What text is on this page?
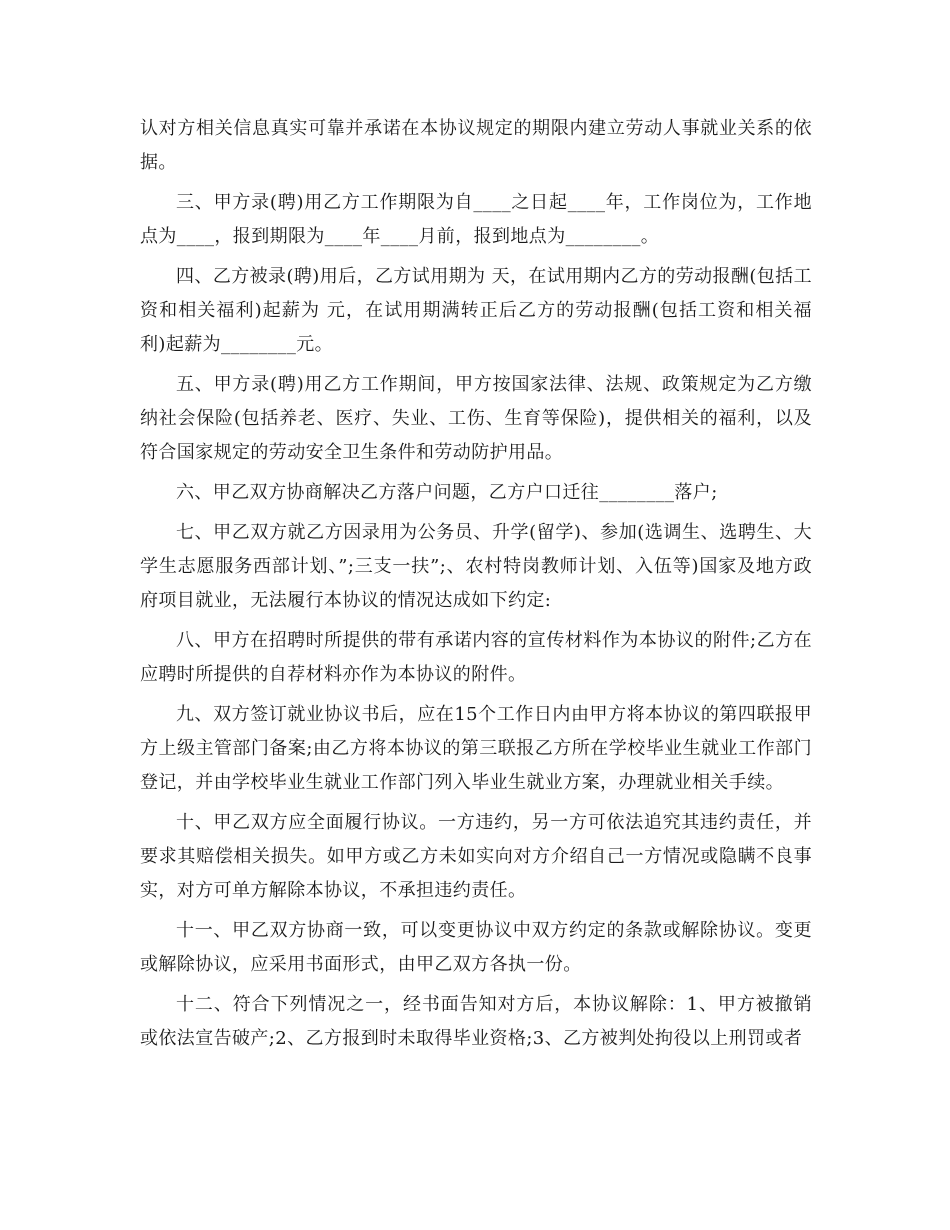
认对方相关信息真实可靠并承诺在本协议规定的期限内建立劳动人事就业关系的依据。

三、甲方录(聘)用乙方工作期限为自____之日起____年，工作岗位为，工作地点为____，报到期限为____年____月前，报到地点为________。

四、乙方被录(聘)用后，乙方试用期为 天，在试用期内乙方的劳动报酬(包括工资和相关福利)起薪为 元，在试用期满转正后乙方的劳动报酬(包括工资和相关福利)起薪为________元。

五、甲方录(聘)用乙方工作期间，甲方按国家法律、法规、政策规定为乙方缴纳社会保险(包括养老、医疗、失业、工伤、生育等保险)，提供相关的福利，以及符合国家规定的劳动安全卫生条件和劳动防护用品。

六、甲乙双方协商解决乙方落户问题，乙方户口迁往________落户;

七、甲乙双方就乙方因录用为公务员、升学(留学)、参加(选调生、选聘生、大学生志愿服务西部计划、”;三支一扶”;、农村特岗教师计划、入伍等)国家及地方政府项目就业，无法履行本协议的情况达成如下约定:

八、甲方在招聘时所提供的带有承诺内容的宣传材料作为本协议的附件;乙方在应聘时所提供的自荐材料亦作为本协议的附件。

九、双方签订就业协议书后，应在15个工作日内由甲方将本协议的第四联报甲方上级主管部门备案;由乙方将本协议的第三联报乙方所在学校毕业生就业工作部门登记，并由学校毕业生就业工作部门列入毕业生就业方案，办理就业相关手续。

十、甲乙双方应全面履行协议。一方违约，另一方可依法追究其违约责任，并要求其赔偿相关损失。如甲方或乙方未如实向对方介绍自己一方情况或隐瞒不良事实，对方可单方解除本协议，不承担违约责任。

十一、甲乙双方协商一致，可以变更协议中双方约定的条款或解除协议。变更或解除协议，应采用书面形式，由甲乙双方各执一份。

十二、符合下列情况之一，经书面告知对方后，本协议解除：1、甲方被撤销或依法宣告破产;2、乙方报到时未取得毕业资格;3、乙方被判处拘役以上刑罚或者
